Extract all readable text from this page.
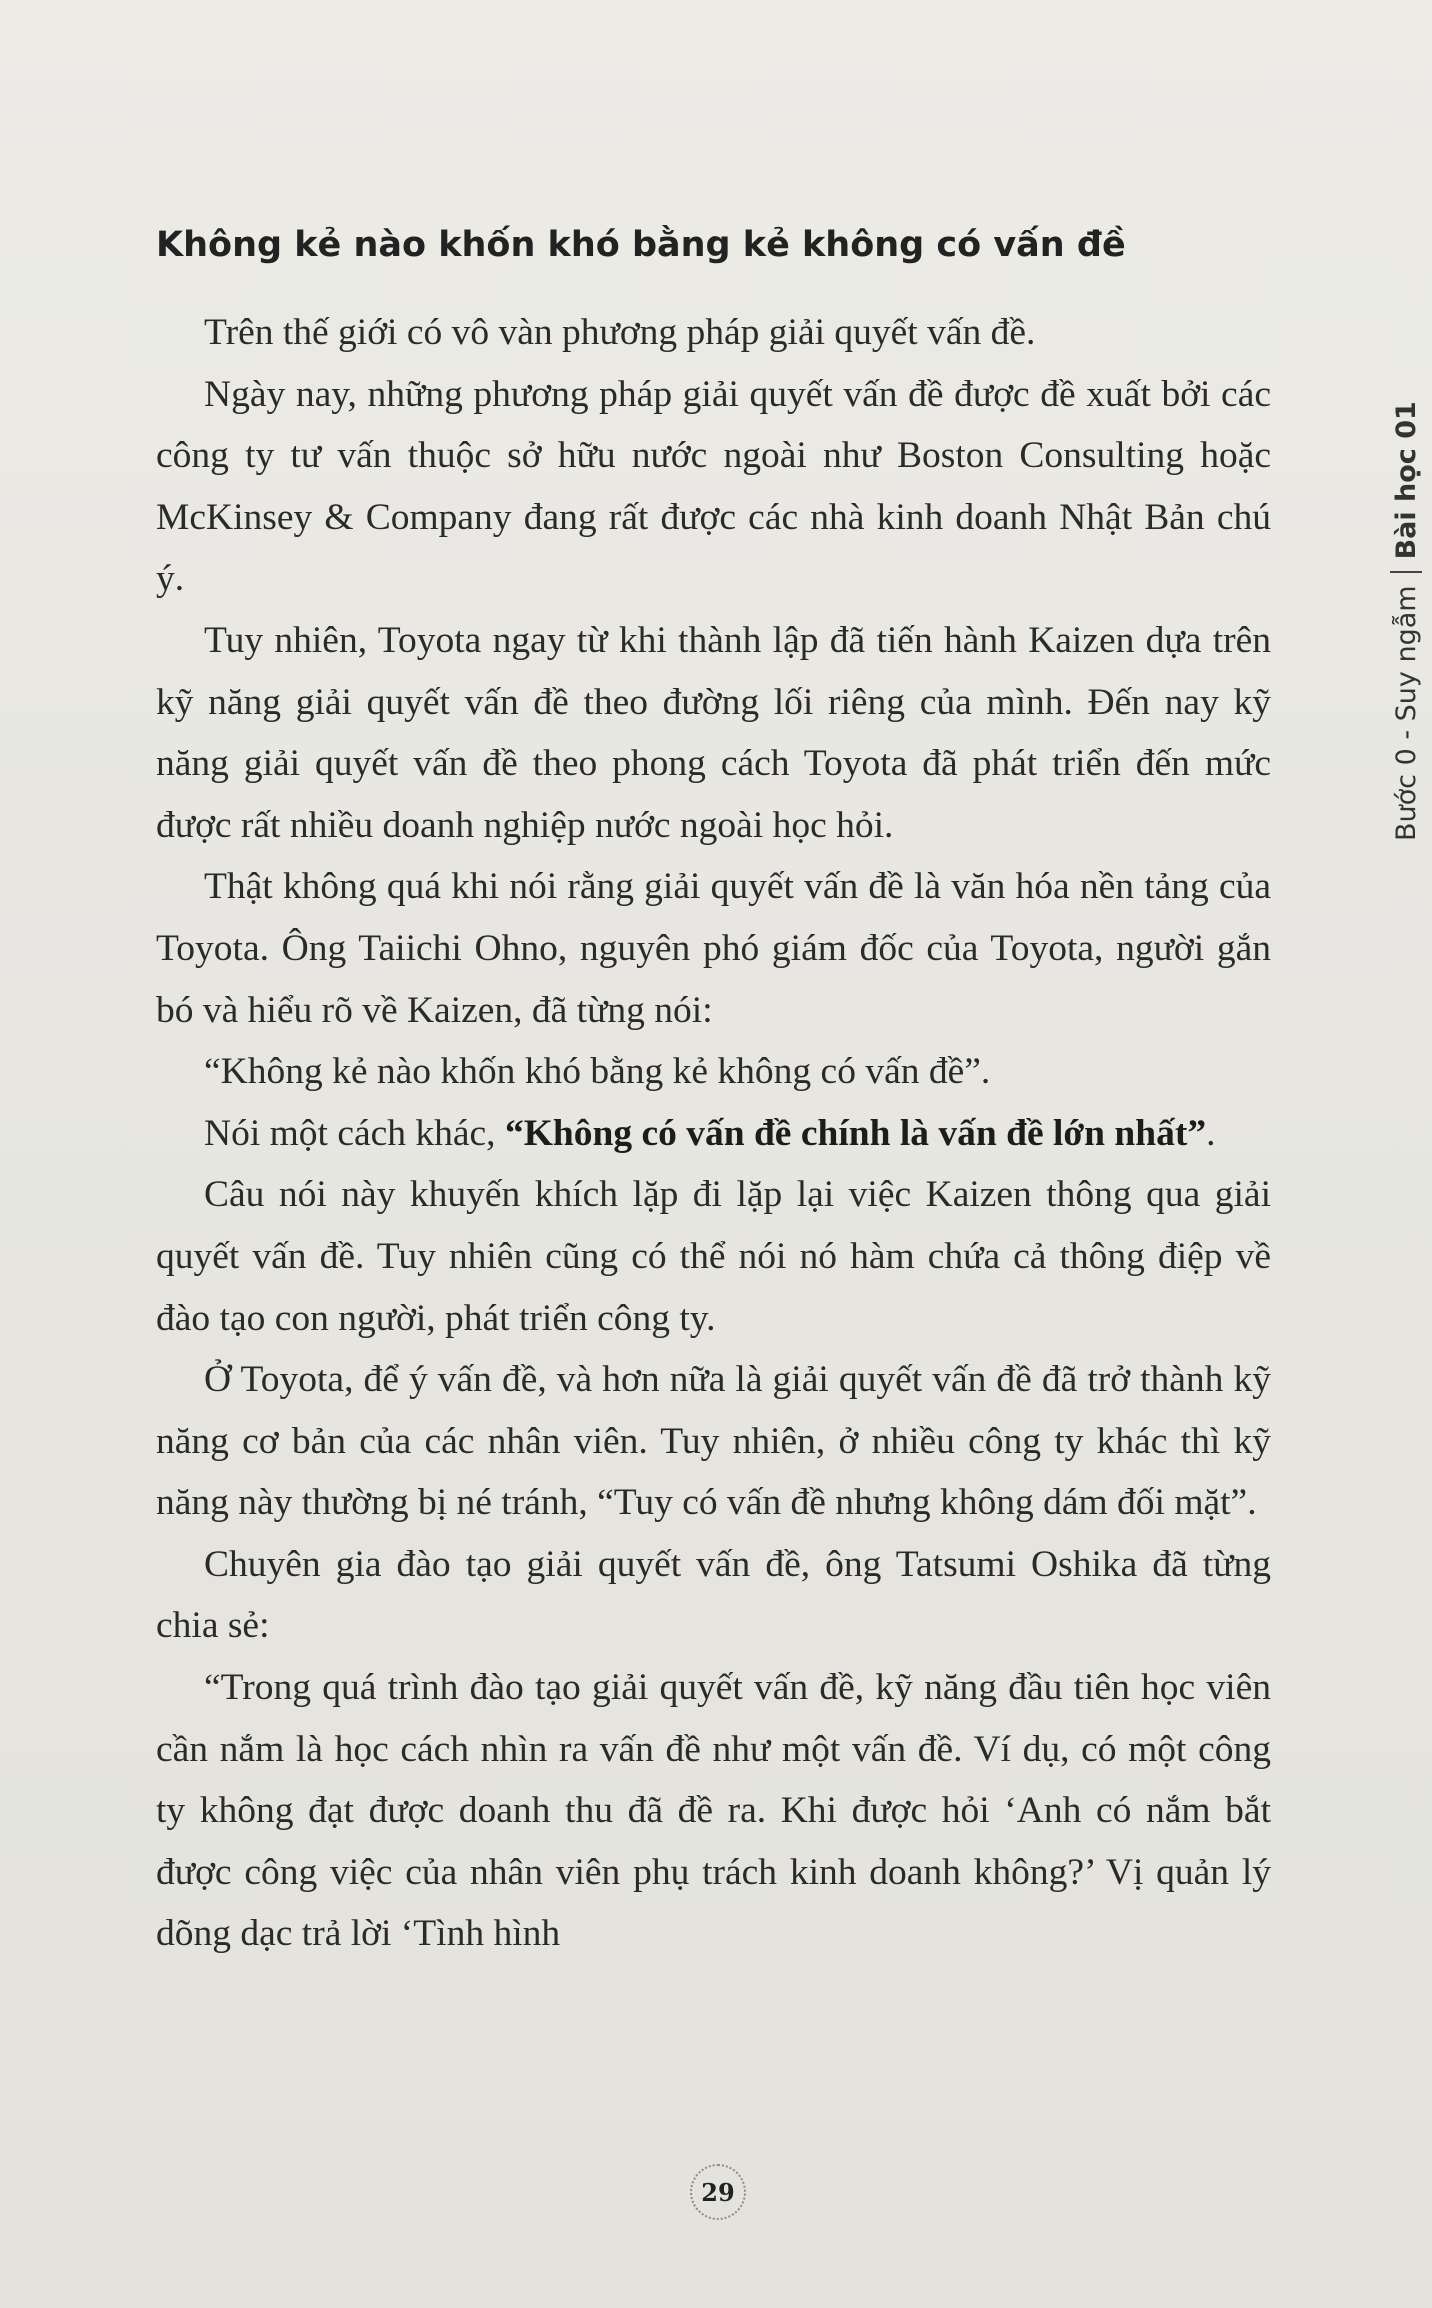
Không kẻ nào khốn khó bằng kẻ không có vấn đề

Trên thế giới có vô vàn phương pháp giải quyết vấn đề.

Ngày nay, những phương pháp giải quyết vấn đề được đề xuất bởi các công ty tư vấn thuộc sở hữu nước ngoài như Boston Consulting hoặc McKinsey & Company đang rất được các nhà kinh doanh Nhật Bản chú ý.

Tuy nhiên, Toyota ngay từ khi thành lập đã tiến hành Kaizen dựa trên kỹ năng giải quyết vấn đề theo đường lối riêng của mình. Đến nay kỹ năng giải quyết vấn đề theo phong cách Toyota đã phát triển đến mức được rất nhiều doanh nghiệp nước ngoài học hỏi.

Thật không quá khi nói rằng giải quyết vấn đề là văn hóa nền tảng của Toyota. Ông Taiichi Ohno, nguyên phó giám đốc của Toyota, người gắn bó và hiểu rõ về Kaizen, đã từng nói:

“Không kẻ nào khốn khó bằng kẻ không có vấn đề”.

Nói một cách khác, “Không có vấn đề chính là vấn đề lớn nhất”.

Câu nói này khuyến khích lặp đi lặp lại việc Kaizen thông qua giải quyết vấn đề. Tuy nhiên cũng có thể nói nó hàm chứa cả thông điệp về đào tạo con người, phát triển công ty.

Ở Toyota, để ý vấn đề, và hơn nữa là giải quyết vấn đề đã trở thành kỹ năng cơ bản của các nhân viên. Tuy nhiên, ở nhiều công ty khác thì kỹ năng này thường bị né tránh, “Tuy có vấn đề nhưng không dám đối mặt”.

Chuyên gia đào tạo giải quyết vấn đề, ông Tatsumi Oshika đã từng chia sẻ:

“Trong quá trình đào tạo giải quyết vấn đề, kỹ năng đầu tiên học viên cần nắm là học cách nhìn ra vấn đề như một vấn đề. Ví dụ, có một công ty không đạt được doanh thu đã đề ra. Khi được hỏi ‘Anh có nắm bắt được công việc của nhân viên phụ trách kinh doanh không?’ Vị quản lý dõng dạc trả lời ‘Tình hình

Bước 0 - Suy ngẫm
Bài học 01
29
